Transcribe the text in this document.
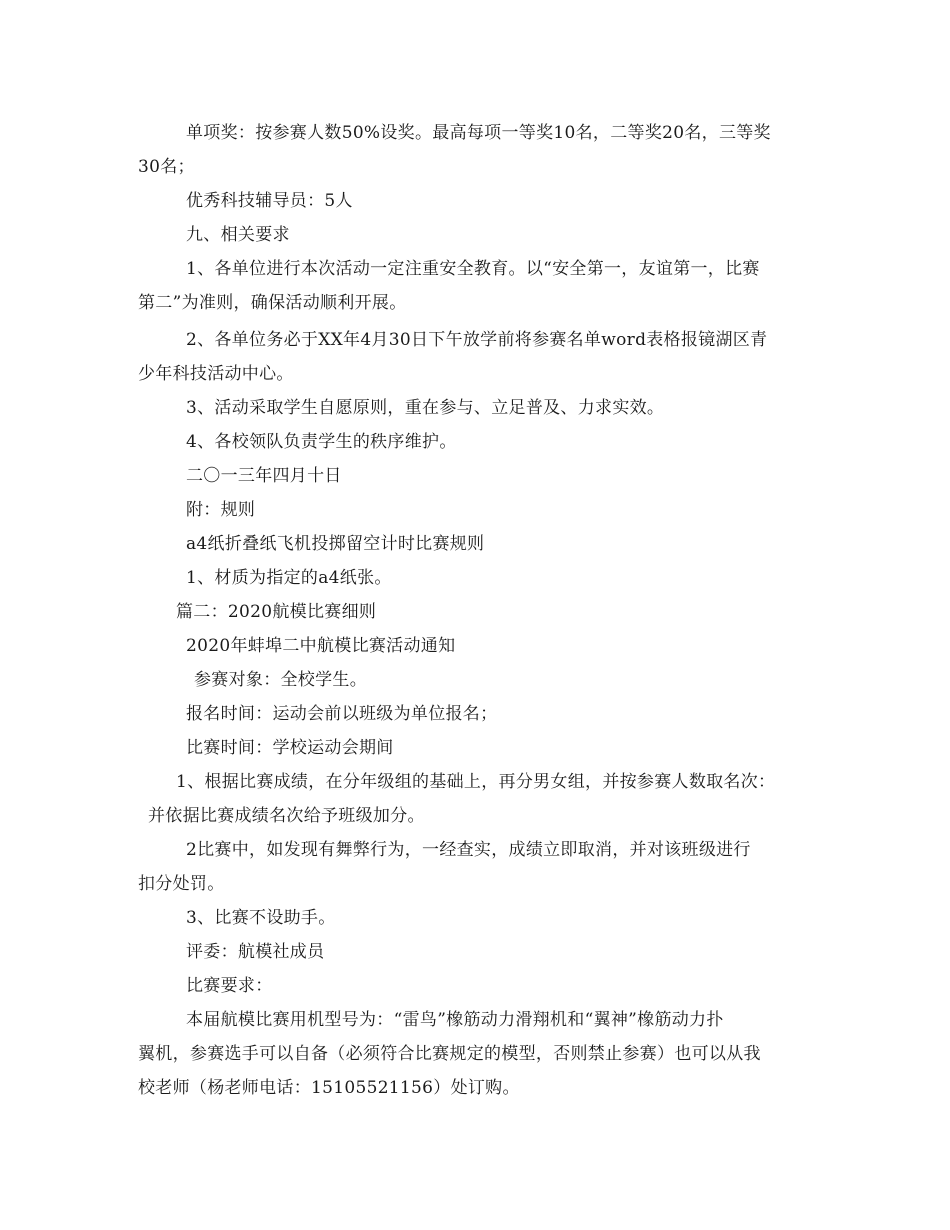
单项奖：按参赛人数50%设奖。最高每项一等奖10名，二等奖20名，三等奖
30名；
优秀科技辅导员：5人
九、相关要求
1、各单位进行本次活动一定注重安全教育。以“安全第一，友谊第一，比赛
第二”为准则，确保活动顺利开展。
2、各单位务必于XX年4月30日下午放学前将参赛名单word表格报镜湖区青
少年科技活动中心。
3、活动采取学生自愿原则，重在参与、立足普及、力求实效。
4、各校领队负责学生的秩序维护。
二〇一三年四月十日
附：规则
a4纸折叠纸飞机投掷留空计时比赛规则
1、材质为指定的a4纸张。
篇二：2020航模比赛细则
2020年蚌埠二中航模比赛活动通知
参赛对象：全校学生。
报名时间：运动会前以班级为单位报名；
比赛时间：学校运动会期间
1、根据比赛成绩，在分年级组的基础上，再分男女组，并按参赛人数取名次：
并依据比赛成绩名次给予班级加分。
2比赛中，如发现有舞弊行为，一经查实，成绩立即取消，并对该班级进行
扣分处罚。
3、比赛不设助手。
评委：航模社成员
比赛要求：
本届航模比赛用机型号为：“雷鸟”橡筋动力滑翔机和“翼神”橡筋动力扑
翼机，参赛选手可以自备（必须符合比赛规定的模型，否则禁止参赛）也可以从我
校老师（杨老师电话：15105521156）处订购。
